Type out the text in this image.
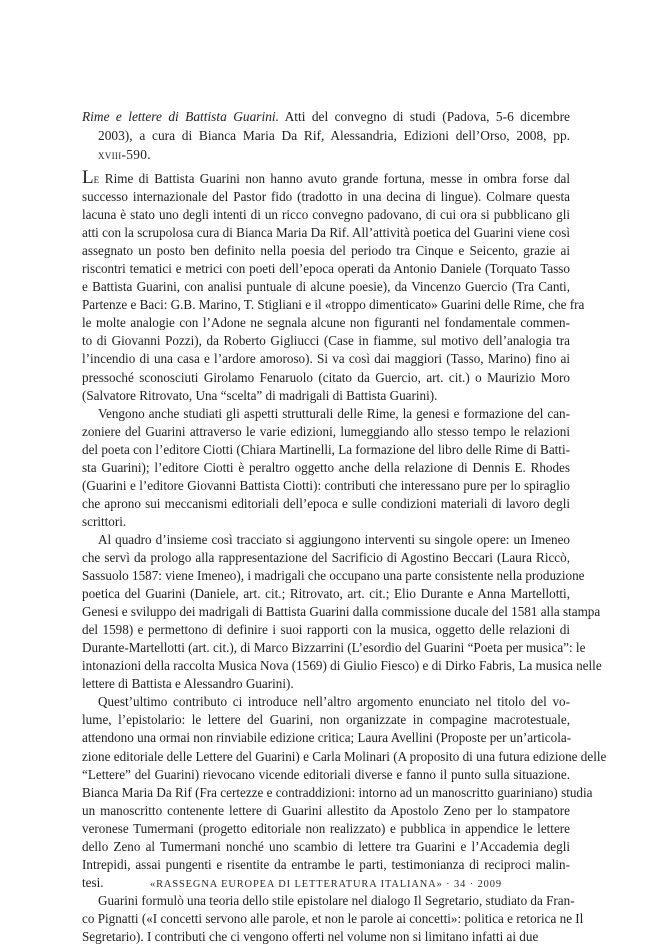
Rime e lettere di Battista Guarini. Atti del convegno di studi (Padova, 5-6 dicembre
2003), a cura di Bianca Maria Da Rif, Alessandria, Edizioni dell’Orso, 2008, pp.
xviii-590.
Le Rime di Battista Guarini non hanno avuto grande fortuna, messe in ombra forse dal
successo internazionale del Pastor fido (tradotto in una decina di lingue). Colmare questa
lacuna è stato uno degli intenti di un ricco convegno padovano, di cui ora si pubblicano gli
atti con la scrupolosa cura di Bianca Maria Da Rif. All’attività poetica del Guarini viene così
assegnato un posto ben definito nella poesia del periodo tra Cinque e Seicento, grazie ai
riscontri tematici e metrici con poeti dell’epoca operati da Antonio Daniele (Torquato Tasso
e Battista Guarini, con analisi puntuale di alcune poesie), da Vincenzo Guercio (Tra Canti,
Partenze e Baci: G.B. Marino, T. Stigliani e il «troppo dimenticato» Guarini delle Rime, che fra
le molte analogie con l’Adone ne segnala alcune non figuranti nel fondamentale commen-
to di Giovanni Pozzi), da Roberto Gigliucci (Case in fiamme, sul motivo dell’analogia tra
l’incendio di una casa e l’ardore amoroso). Si va così dai maggiori (Tasso, Marino) fino ai
pressoché sconosciuti Girolamo Fenaruolo (citato da Guercio, art. cit.) o Maurizio Moro
(Salvatore Ritrovato, Una “scelta” di madrigali di Battista Guarini).
Vengono anche studiati gli aspetti strutturali delle Rime, la genesi e formazione del can-
zoniere del Guarini attraverso le varie edizioni, lumeggiando allo stesso tempo le relazioni
del poeta con l’editore Ciotti (Chiara Martinelli, La formazione del libro delle Rime di Batti-
sta Guarini); l’editore Ciotti è peraltro oggetto anche della relazione di Dennis E. Rhodes
(Guarini e l’editore Giovanni Battista Ciotti): contributi che interessano pure per lo spiraglio
che aprono sui meccanismi editoriali dell’epoca e sulle condizioni materiali di lavoro degli
scrittori.
Al quadro d’insieme così tracciato si aggiungono interventi su singole opere: un Imeneo
che servì da prologo alla rappresentazione del Sacrificio di Agostino Beccari (Laura Riccò,
Sassuolo 1587: viene Imeneo), i madrigali che occupano una parte consistente nella produzione
poetica del Guarini (Daniele, art. cit.; Ritrovato, art. cit.; Elio Durante e Anna Martellotti,
Genesi e sviluppo dei madrigali di Battista Guarini dalla commissione ducale del 1581 alla stampa
del 1598) e permettono di definire i suoi rapporti con la musica, oggetto delle relazioni di
Durante-Martellotti (art. cit.), di Marco Bizzarrini (L’esordio del Guarini “Poeta per musica”: le
intonazioni della raccolta Musica Nova (1569) di Giulio Fiesco) e di Dirko Fabris, La musica nelle
lettere di Battista e Alessandro Guarini).
Quest’ultimo contributo ci introduce nell’altro argomento enunciato nel titolo del vo-
lume, l’epistolario: le lettere del Guarini, non organizzate in compagine macrotestuale,
attendono una ormai non rinviabile edizione critica; Laura Avellini (Proposte per un’articola-
zione editoriale delle Lettere del Guarini) e Carla Molinari (A proposito di una futura edizione delle
“Lettere” del Guarini) rievocano vicende editoriali diverse e fanno il punto sulla situazione.
Bianca Maria Da Rif (Fra certezze e contraddizioni: intorno ad un manoscritto guariniano) studia
un manoscritto contenente lettere di Guarini allestito da Apostolo Zeno per lo stampatore
veronese Tumermani (progetto editoriale non realizzato) e pubblica in appendice le lettere
dello Zeno al Tumermani nonché uno scambio di lettere tra Guarini e l’Accademia degli
Intrepidi, assai pungenti e risentite da entrambe le parti, testimonianza di reciproci malin-
tesi.
Guarini formulò una teoria dello stile epistolare nel dialogo Il Segretario, studiato da Fran-
co Pignatti («I concetti servono alle parole, et non le parole ai concetti»: politica e retorica ne Il
Segretario). I contributi che ci vengono offerti nel volume non si limitano infatti ai due
«RASSEGNA EUROPEA DI LETTERATURA ITALIANA» · 34 · 2009
